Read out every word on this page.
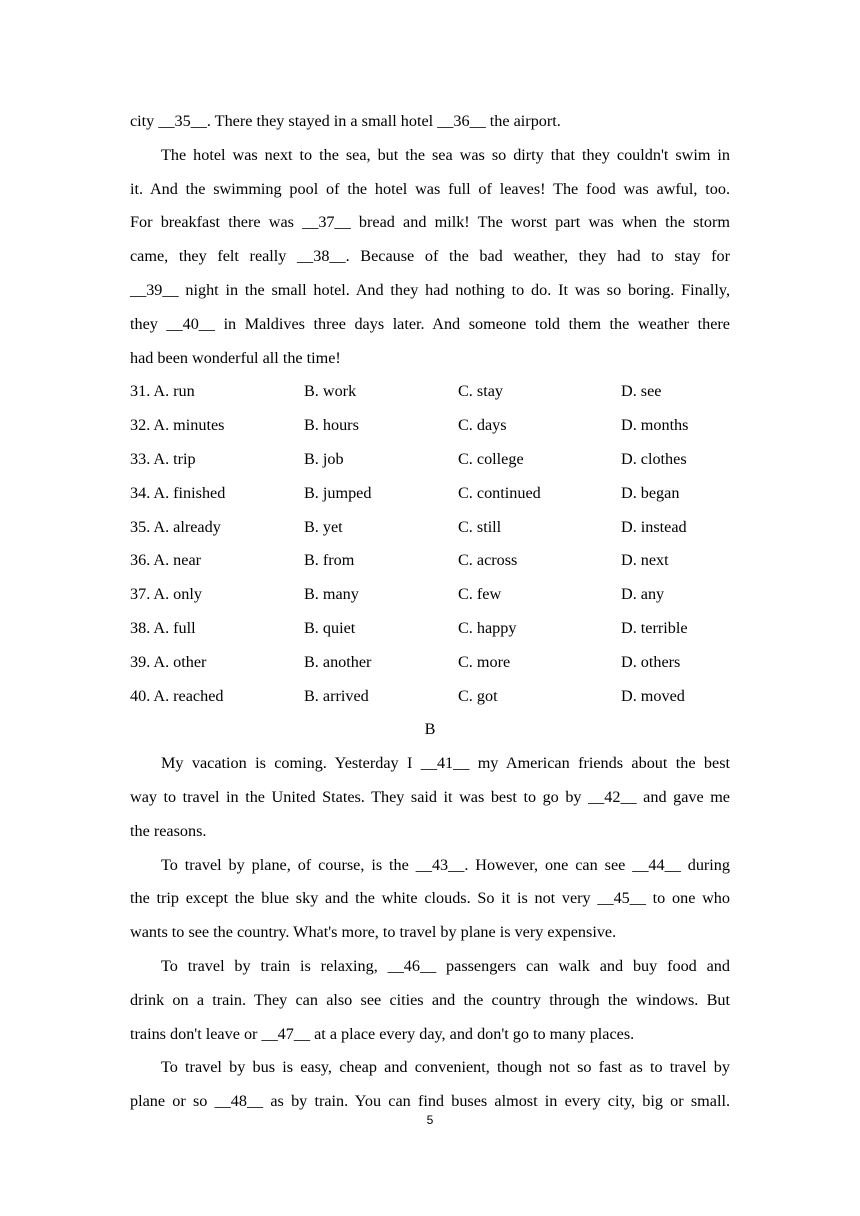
city __35__. There they stayed in a small hotel __36__ the airport.
The hotel was next to the sea, but the sea was so dirty that they couldn't swim in
it. And the swimming pool of the hotel was full of leaves! The food was awful, too.
For breakfast there was __37__ bread and milk! The worst part was when the storm
came, they felt really __38__. Because of the bad weather, they had to stay for
__39__ night in the small hotel. And they had nothing to do. It was so boring. Finally,
they __40__ in Maldives three days later. And someone told them the weather there
had been wonderful all the time!
31. A. run	B. work	C. stay	D. see
32. A. minutes	B. hours	C. days	D. months
33. A. trip	B. job	C. college	D. clothes
34. A. finished	B. jumped	C. continued	D. began
35. A. already	B. yet	C. still	D. instead
36. A. near	B. from	C. across	D. next
37. A. only	B. many	C. few	D. any
38. A. full	B. quiet	C. happy	D. terrible
39. A. other	B. another	C. more	D. others
40. A. reached	B. arrived	C. got	D. moved
B
My vacation is coming. Yesterday I __41__ my American friends about the best
way to travel in the United States. They said it was best to go by __42__ and gave me
the reasons.
To travel by plane, of course, is the __43__. However, one can see __44__ during
the trip except the blue sky and the white clouds. So it is not very __45__ to one who
wants to see the country. What's more, to travel by plane is very expensive.
To travel by train is relaxing, __46__ passengers can walk and buy food and
drink on a train. They can also see cities and the country through the windows. But
trains don't leave or __47__ at a place every day, and don't go to many places.
To travel by bus is easy, cheap and convenient, though not so fast as to travel by
plane or so __48__ as by train. You can find buses almost in every city, big or small.
5
